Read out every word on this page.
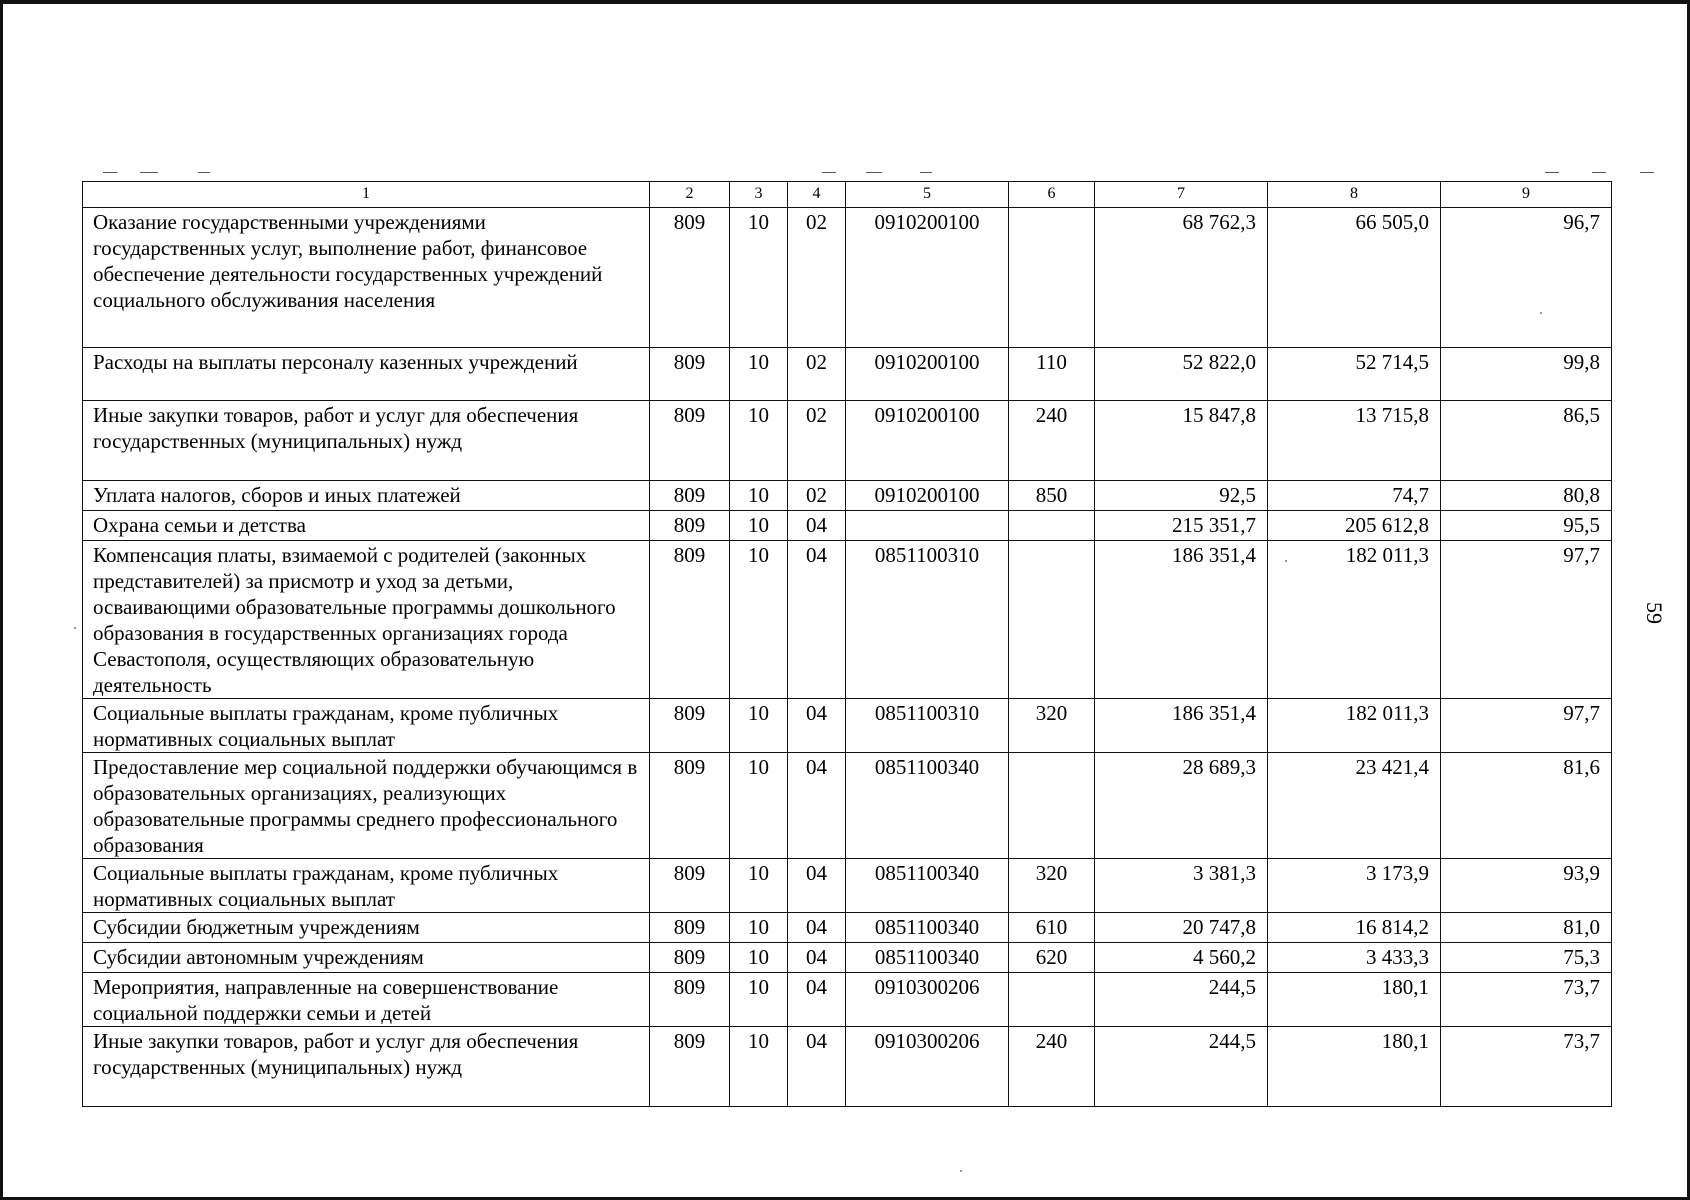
1	2	3	4	5	6	7	8	9
Оказание государственными учреждениями государственных услуг, выполнение работ, финансовое обеспечение деятельности государственных учреждений социального обслуживания населения	809	10	02	0910200100		68 762,3	66 505,0	96,7
Расходы на выплаты персоналу казенных учреждений	809	10	02	0910200100	110	52 822,0	52 714,5	99,8
Иные закупки товаров, работ и услуг для обеспечения государственных (муниципальных) нужд	809	10	02	0910200100	240	15 847,8	13 715,8	86,5
Уплата налогов, сборов и иных платежей	809	10	02	0910200100	850	92,5	74,7	80,8
Охрана семьи и детства	809	10	04			215 351,7	205 612,8	95,5
Компенсация платы, взимаемой с родителей (законных представителей) за присмотр и уход за детьми, осваивающими образовательные программы дошкольного образования в государственных организациях города Севастополя, осуществляющих образовательную деятельность	809	10	04	0851100310		186 351,4	182 011,3	97,7
Социальные выплаты гражданам, кроме публичных нормативных социальных выплат	809	10	04	0851100310	320	186 351,4	182 011,3	97,7
Предоставление мер социальной поддержки обучающимся в образовательных организациях, реализующих образовательные программы среднего профессионального образования	809	10	04	0851100340		28 689,3	23 421,4	81,6
Социальные выплаты гражданам, кроме публичных нормативных социальных выплат	809	10	04	0851100340	320	3 381,3	3 173,9	93,9
Субсидии бюджетным учреждениям	809	10	04	0851100340	610	20 747,8	16 814,2	81,0
Субсидии автономным учреждениям	809	10	04	0851100340	620	4 560,2	3 433,3	75,3
Мероприятия, направленные на совершенствование социальной поддержки семьи и детей	809	10	04	0910300206		244,5	180,1	73,7
Иные закупки товаров, работ и услуг для обеспечения государственных (муниципальных) нужд	809	10	04	0910300206	240	244,5	180,1	73,7
59
